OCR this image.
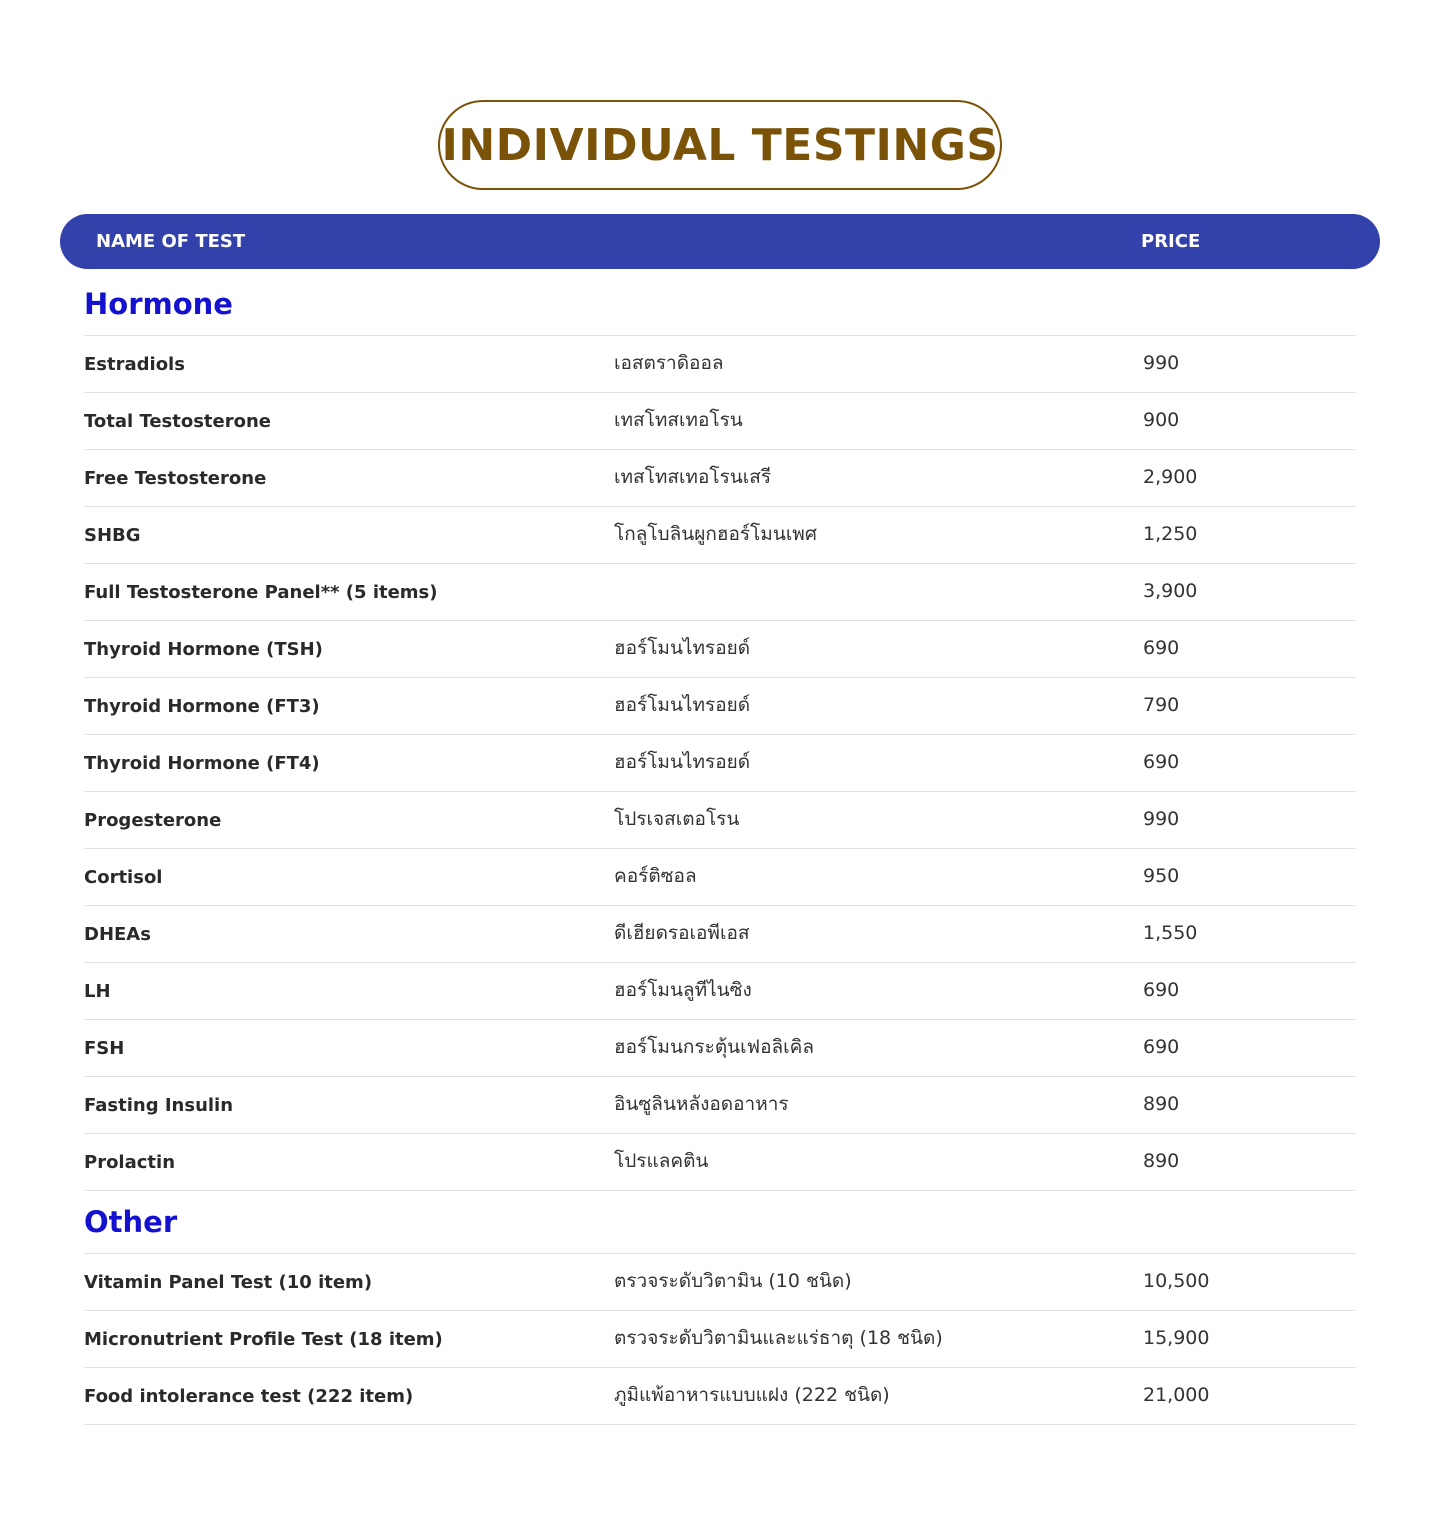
INDIVIDUAL TESTINGS
NAME OF TEST	PRICE
Hormone
Estradiols	เอสตราดิออล	990
Total Testosterone	เทสโทสเทอโรน	900
Free Testosterone	เทสโทสเทอโรนเสรี	2,900
SHBG	โกลูโบลินผูกฮอร์โมนเพศ	1,250
Full Testosterone Panel** (5 items)	3,900
Thyroid Hormone (TSH)	ฮอร์โมนไทรอยด์	690
Thyroid Hormone (FT3)	ฮอร์โมนไทรอยด์	790
Thyroid Hormone (FT4)	ฮอร์โมนไทรอยด์	690
Progesterone	โปรเจสเตอโรน	990
Cortisol	คอร์ติซอล	950
DHEAs	ดีเฮียดรอเอพีเอส	1,550
LH	ฮอร์โมนลูทีไนซิง	690
FSH	ฮอร์โมนกระตุ้นเฟอลิเคิล	690
Fasting Insulin	อินซูลินหลังอดอาหาร	890
Prolactin	โปรแลคติน	890
Other
Vitamin Panel Test (10 item)	ตรวจระดับวิตามิน (10 ชนิด)	10,500
Micronutrient Profile Test (18 item)	ตรวจระดับวิตามินและแร่ธาตุ (18 ชนิด)	15,900
Food intolerance test (222 item)	ภูมิแพ้อาหารแบบแฝง (222 ชนิด)	21,000
